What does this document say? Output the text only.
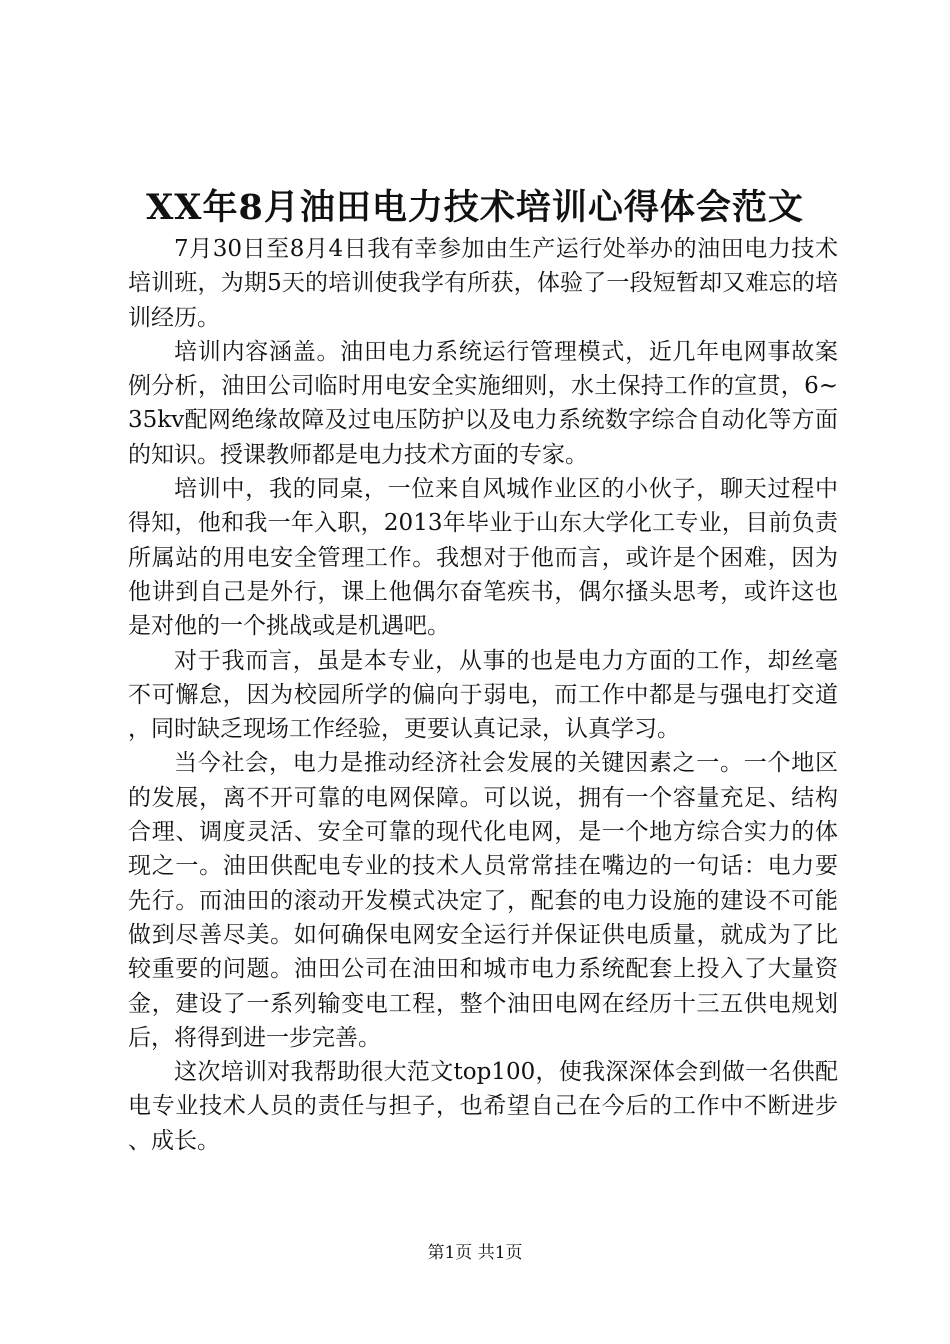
XX年8月油田电力技术培训心得体会范文

7月30日至8月4日我有幸参加由生产运行处举办的油田电力技术培训班，为期5天的培训使我学有所获，体验了一段短暂却又难忘的培训经历。

培训内容涵盖。油田电力系统运行管理模式，近几年电网事故案例分析，油田公司临时用电安全实施细则，水土保持工作的宣贯，6~35kv配网绝缘故障及过电压防护以及电力系统数字综合自动化等方面的知识。授课教师都是电力技术方面的专家。

培训中，我的同桌，一位来自风城作业区的小伙子，聊天过程中得知，他和我一年入职，2013年毕业于山东大学化工专业，目前负责所属站的用电安全管理工作。我想对于他而言，或许是个困难，因为他讲到自己是外行，课上他偶尔奋笔疾书，偶尔搔头思考，或许这也是对他的一个挑战或是机遇吧。

对于我而言，虽是本专业，从事的也是电力方面的工作，却丝毫不可懈怠，因为校园所学的偏向于弱电，而工作中都是与强电打交道，同时缺乏现场工作经验，更要认真记录，认真学习。

当今社会，电力是推动经济社会发展的关键因素之一。一个地区的发展，离不开可靠的电网保障。可以说，拥有一个容量充足、结构合理、调度灵活、安全可靠的现代化电网，是一个地方综合实力的体现之一。油田供配电专业的技术人员常常挂在嘴边的一句话：电力要先行。而油田的滚动开发模式决定了，配套的电力设施的建设不可能做到尽善尽美。如何确保电网安全运行并保证供电质量，就成为了比较重要的问题。油田公司在油田和城市电力系统配套上投入了大量资金，建设了一系列输变电工程，整个油田电网在经历十三五供电规划后，将得到进一步完善。

这次培训对我帮助很大范文top100，使我深深体会到做一名供配电专业技术人员的责任与担子，也希望自己在今后的工作中不断进步、成长。

第1页 共1页
